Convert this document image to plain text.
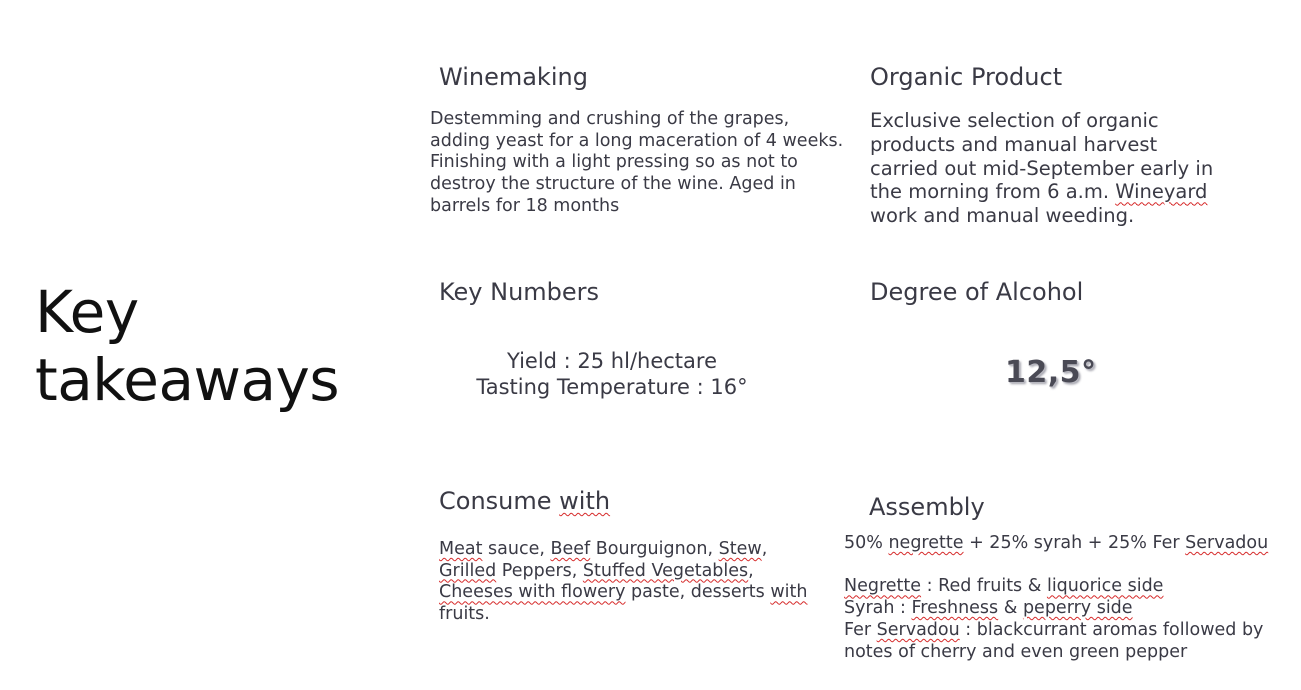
Key
takeaways
Winemaking
Destemming and crushing of the grapes, adding yeast for a long maceration of 4 weeks. Finishing with a light pressing so as not to destroy the structure of the wine. Aged in barrels for 18 months
Organic Product
Exclusive selection of organic products and manual harvest carried out mid-September early in the morning from 6 a.m. Wineyard work and manual weeding.
Key Numbers
Yield : 25 hl/hectare
Tasting Temperature : 16°
Degree of Alcohol
12,5°
Consume with
Meat sauce, Beef Bourguignon, Stew,
Grilled Peppers, Stuffed Vegetables,
Cheeses with flowery paste, desserts with
fruits.
Assembly
50% negrette + 25% syrah + 25% Fer Servadou
Negrette : Red fruits & liquorice side
Syrah : Freshness & peperry side
Fer Servadou : blackcurrant aromas followed by
notes of cherry and even green pepper
